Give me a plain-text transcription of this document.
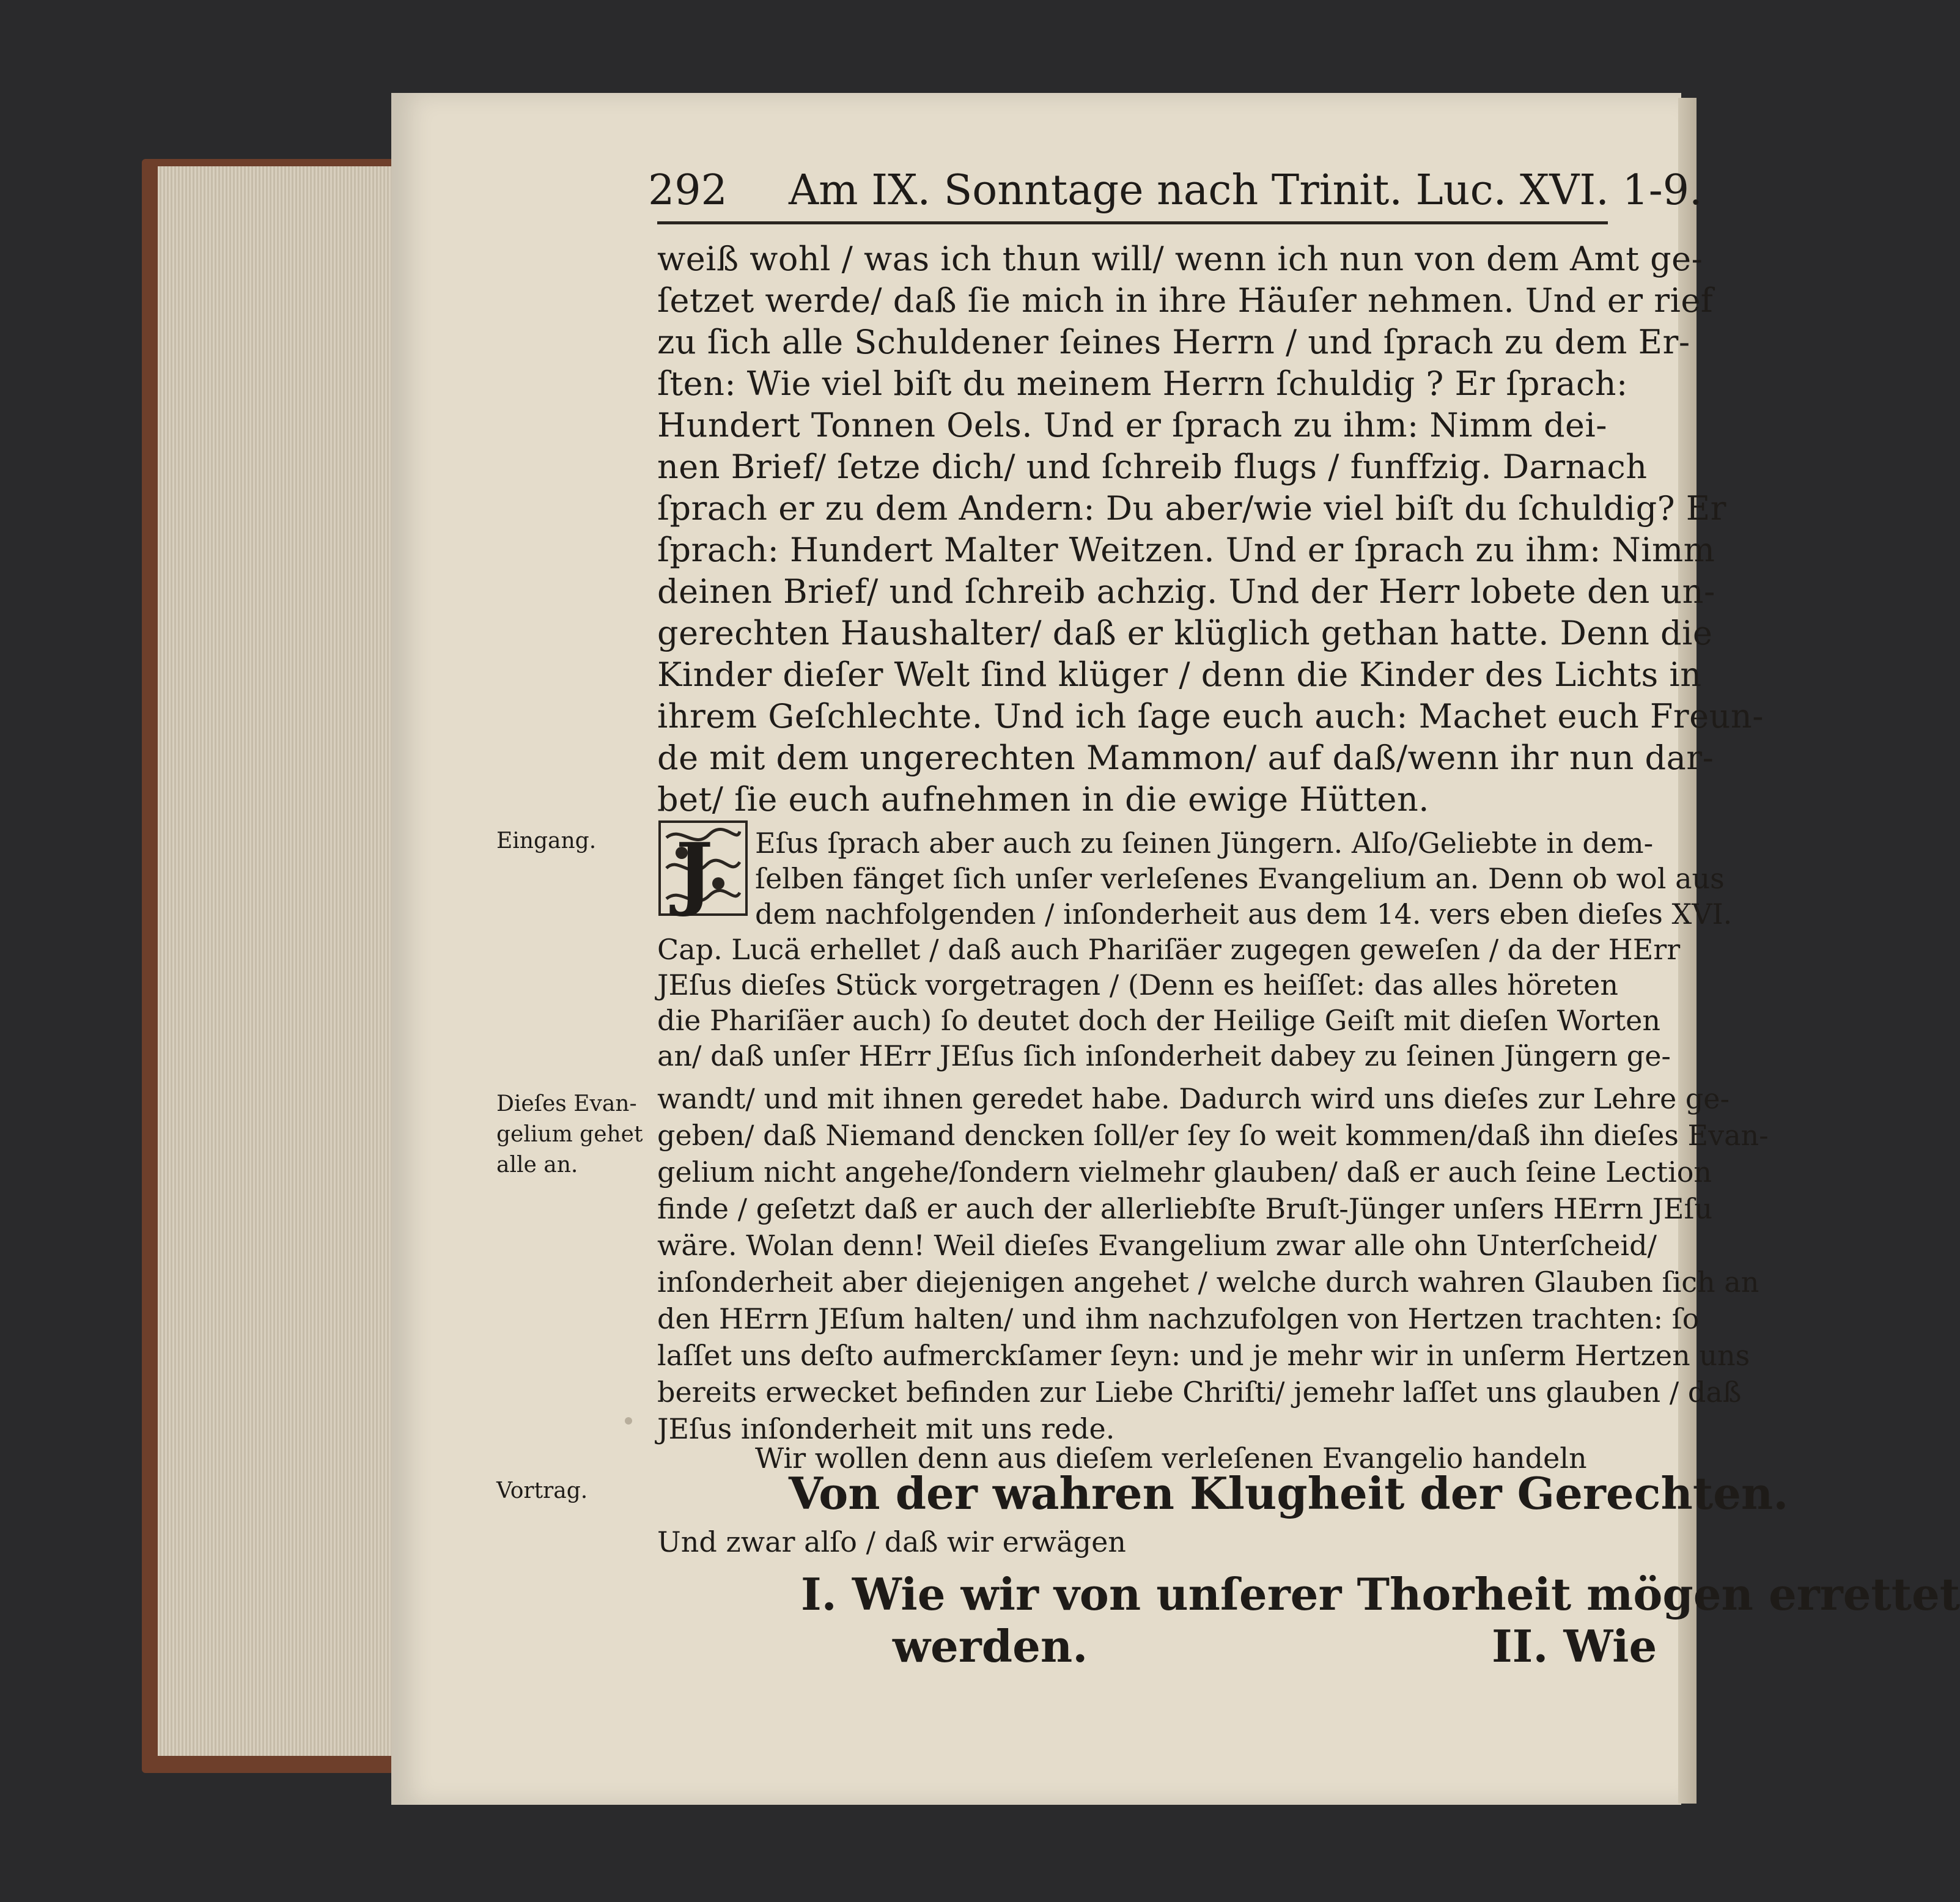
292 Am IX. Sonntage nach Trinit. Luc. XVI. 1-9.
weiß wohl / was ich thun will/ wenn ich nun von dem Amt ge-
ſetzet werde/ daß ſie mich in ihre Häuſer nehmen. Und er rief
zu ſich alle Schuldener ſeines Herrn / und ſprach zu dem Er-
ſten: Wie viel biſt du meinem Herrn ſchuldig ? Er ſprach:
Hundert Tonnen Oels. Und er ſprach zu ihm: Nimm dei-
nen Brief/ ſetze dich/ und ſchreib flugs / funffzig. Darnach
ſprach er zu dem Andern: Du aber/wie viel biſt du ſchuldig? Er
ſprach: Hundert Malter Weitzen. Und er ſprach zu ihm: Nimm
deinen Brief/ und ſchreib achzig. Und der Herr lobete den un-
gerechten Haushalter/ daß er klüglich gethan hatte. Denn die
Kinder dieſer Welt ſind klüger / denn die Kinder des Lichts in
ihrem Geſchlechte. Und ich ſage euch auch: Machet euch Freun-
de mit dem ungerechten Mammon/ auf daß/wenn ihr nun dar-
bet/ ſie euch aufnehmen in die ewige Hütten.
Eingang.
Dieſes Evan-
gelium gehet
alle an.
Vortrag.
J Eſus ſprach aber auch zu ſeinen Jüngern. Alſo/Geliebte in dem-
ſelben fänget ſich unſer verleſenes Evangelium an. Denn ob wol aus
dem nachfolgenden / inſonderheit aus dem 14. vers eben dieſes XVI.
Cap. Lucä erhellet / daß auch Phariſäer zugegen geweſen / da der HErr
JEſus dieſes Stück vorgetragen / (Denn es heiſſet: das alles höreten
die Phariſäer auch) ſo deutet doch der Heilige Geiſt mit dieſen Worten
an/ daß unſer HErr JEſus ſich inſonderheit dabey zu ſeinen Jüngern ge-
wandt/ und mit ihnen geredet habe. Dadurch wird uns dieſes zur Lehre ge-
geben/ daß Niemand dencken ſoll/er ſey ſo weit kommen/daß ihn dieſes Evan-
gelium nicht angehe/ſondern vielmehr glauben/ daß er auch ſeine Lection
finde / geſetzt daß er auch der allerliebſte Bruſt-Jünger unſers HErrn JEſu
wäre. Wolan denn! Weil dieſes Evangelium zwar alle ohn Unterſcheid/
inſonderheit aber diejenigen angehet / welche durch wahren Glauben ſich an
den HErrn JEſum halten/ und ihm nachzufolgen von Hertzen trachten: ſo
laſſet uns deſto aufmerckſamer ſeyn: und je mehr wir in unſerm Hertzen uns
bereits erwecket befinden zur Liebe Chriſti/ jemehr laſſet uns glauben / daß
JEſus inſonderheit mit uns rede.
Wir wollen denn aus dieſem verleſenen Evangelio handeln
Von der wahren Klugheit der Gerechten.
Und zwar alſo / daß wir erwägen
I. Wie wir von unſerer Thorheit mögen errettet
werden.	II. Wie
